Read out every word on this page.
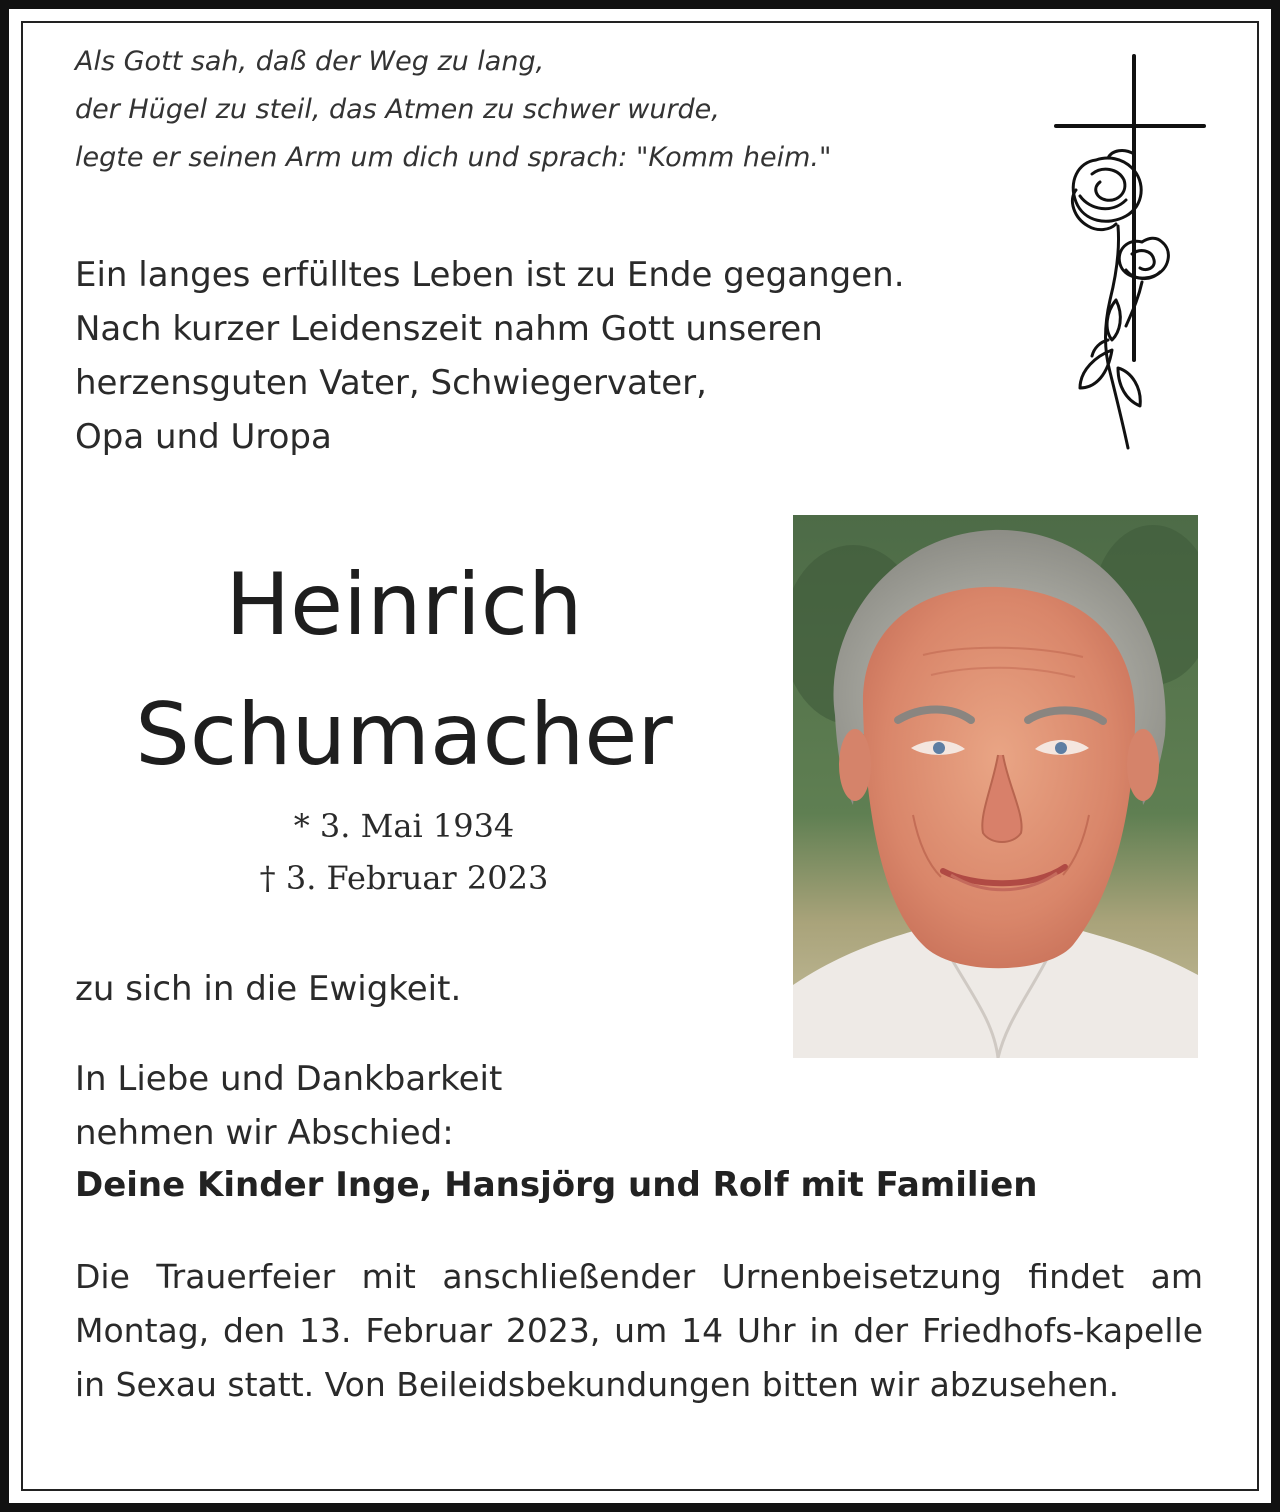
Als Gott sah, daß der Weg zu lang,
der Hügel zu steil, das Atmen zu schwer wurde,
legte er seinen Arm um dich und sprach: "Komm heim."
Ein langes erfülltes Leben ist zu Ende gegangen.
Nach kurzer Leidenszeit nahm Gott unseren
herzensguten Vater, Schwiegervater,
Opa und Uropa
Heinrich
Schumacher
* 3. Mai 1934
† 3. Februar 2023
zu sich in die Ewigkeit.
In Liebe und Dankbarkeit
nehmen wir Abschied:
Deine Kinder Inge, Hansjörg und Rolf mit Familien

Die Trauerfeier mit anschließender Urnenbeisetzung findet am Montag, den 13. Februar 2023, um 14 Uhr in der Friedhofs-kapelle in Sexau statt. Von Beileidsbekundungen bitten wir abzusehen.
